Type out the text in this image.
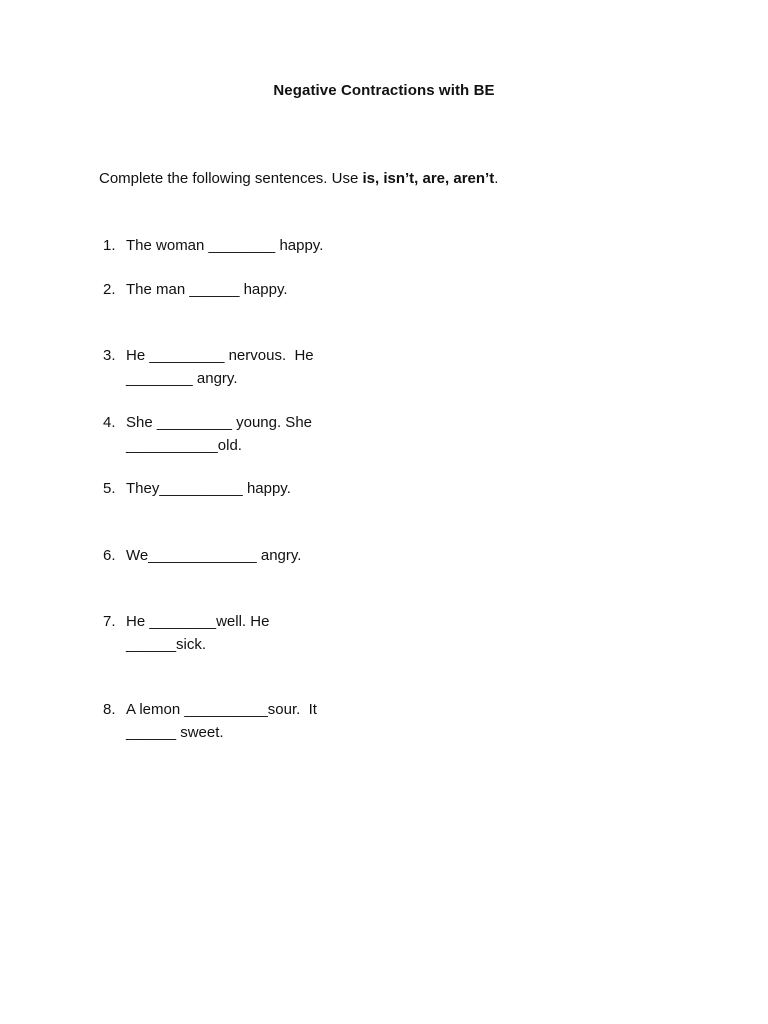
Negative Contractions with BE
Complete the following sentences. Use is, isn’t, are, aren’t.
1. The woman ________ happy.
2. The man ______ happy.
3. He _________ nervous.  He
________ angry.
4. She _________ young. She
___________old.
5. They__________ happy.
6. We_____________ angry.
7. He ________well. He
______sick.
8. A lemon __________sour.  It
______ sweet.
